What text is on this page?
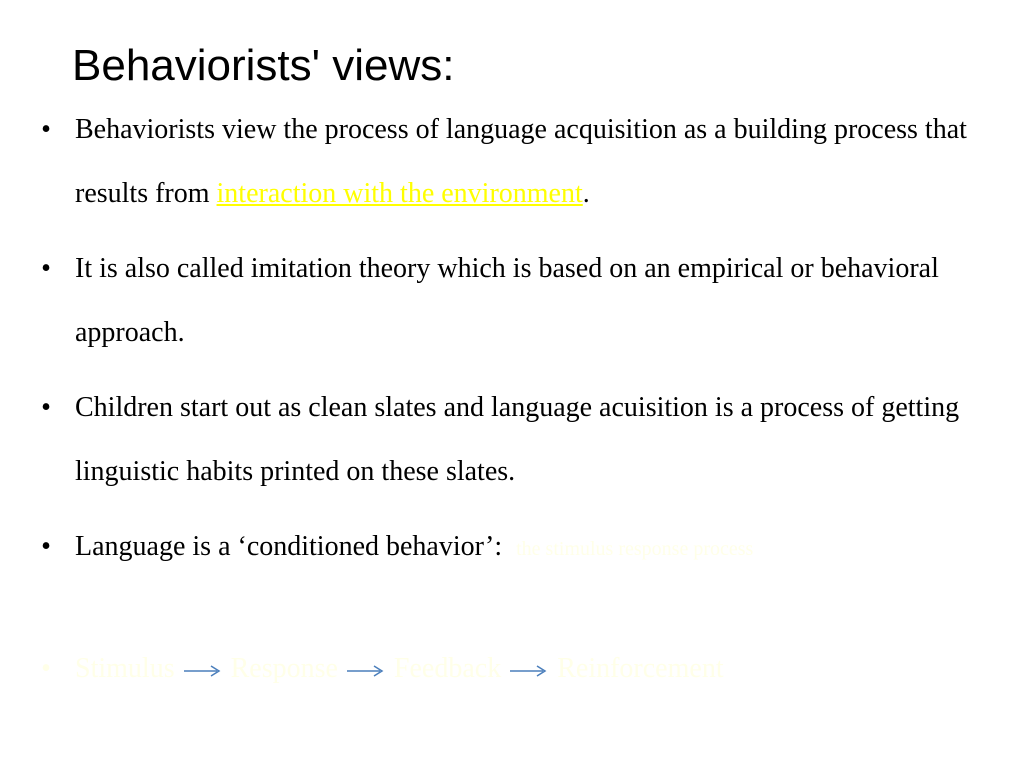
Behaviorists' views:
• Behaviorists view the process of language acquisition as a building process that results from interaction with the environment.
• It is also called imitation theory which is based on an empirical or behavioral approach.
• Children start out as clean slates and language acuisition is a process of getting linguistic habits printed on these slates.
• Language is a ‘conditioned behavior’: the stimulus response process
• Stimulus Response Feedback Reinforcement
